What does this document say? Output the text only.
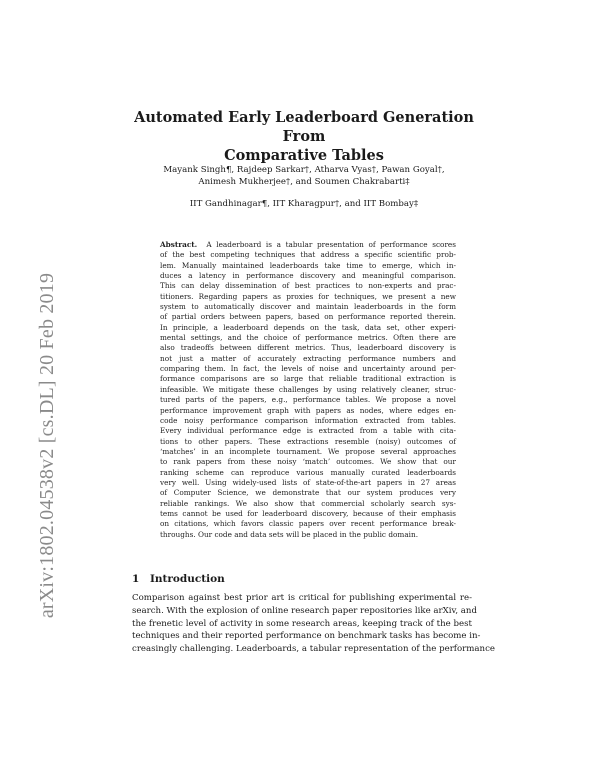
arXiv:1802.04538v2 [cs.DL] 20 Feb 2019
Automated Early Leaderboard Generation From
Comparative Tables
Mayank Singh¶, Rajdeep Sarkar†, Atharva Vyas†, Pawan Goyal†,
Animesh Mukherjee†, and Soumen Chakrabarti‡
IIT Gandhinagar¶, IIT Kharagpur†, and IIT Bombay‡
Abstract. A leaderboard is a tabular presentation of performance scores
of the best competing techniques that address a specific scientific prob-
lem. Manually maintained leaderboards take time to emerge, which in-
duces a latency in performance discovery and meaningful comparison.
This can delay dissemination of best practices to non-experts and prac-
titioners. Regarding papers as proxies for techniques, we present a new
system to automatically discover and maintain leaderboards in the form
of partial orders between papers, based on performance reported therein.
In principle, a leaderboard depends on the task, data set, other experi-
mental settings, and the choice of performance metrics. Often there are
also tradeoffs between different metrics. Thus, leaderboard discovery is
not just a matter of accurately extracting performance numbers and
comparing them. In fact, the levels of noise and uncertainty around per-
formance comparisons are so large that reliable traditional extraction is
infeasible. We mitigate these challenges by using relatively cleaner, struc-
tured parts of the papers, e.g., performance tables. We propose a novel
performance improvement graph with papers as nodes, where edges en-
code noisy performance comparison information extracted from tables.
Every individual performance edge is extracted from a table with cita-
tions to other papers. These extractions resemble (noisy) outcomes of
‘matches’ in an incomplete tournament. We propose several approaches
to rank papers from these noisy ‘match’ outcomes. We show that our
ranking scheme can reproduce various manually curated leaderboards
very well. Using widely-used lists of state-of-the-art papers in 27 areas
of Computer Science, we demonstrate that our system produces very
reliable rankings. We also show that commercial scholarly search sys-
tems cannot be used for leaderboard discovery, because of their emphasis
on citations, which favors classic papers over recent performance break-
throughs. Our code and data sets will be placed in the public domain.
1 Introduction
Comparison against best prior art is critical for publishing experimental re-
search. With the explosion of online research paper repositories like arXiv, and
the frenetic level of activity in some research areas, keeping track of the best
techniques and their reported performance on benchmark tasks has become in-
creasingly challenging. Leaderboards, a tabular representation of the performance
